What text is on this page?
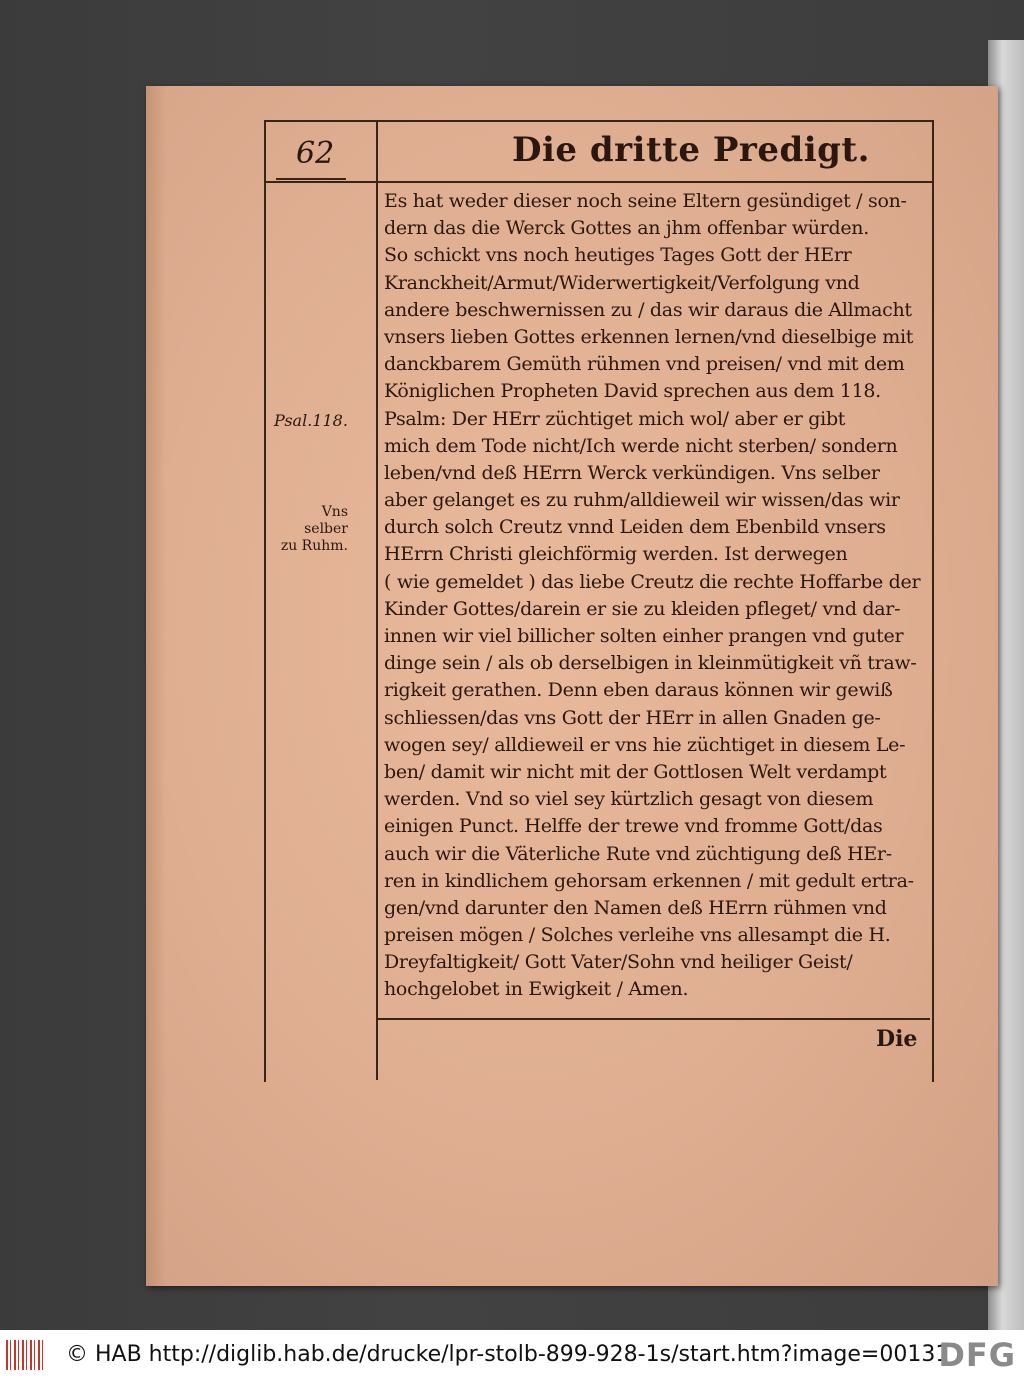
62	Die dritte Predigt.
Psal.118.
Vns selber
zu Ruhm.
Es hat weder dieser noch seine Eltern gesündiget / son-
dern das die Werck Gottes an jhm offenbar würden.
So schickt vns noch heutiges Tages Gott der HErr
Kranckheit/Armut/Widerwertigkeit/Verfolgung vnd
andere beschwernissen zu / das wir daraus die Allmacht
vnsers lieben Gottes erkennen lernen/vnd dieselbige mit
danckbarem Gemüth rühmen vnd preisen/ vnd mit dem
Königlichen Propheten David sprechen aus dem 118.
Psalm: Der HErr züchtiget mich wol/ aber er gibt
mich dem Tode nicht/Ich werde nicht sterben/ sondern
leben/vnd deß HErrn Werck verkündigen. Vns selber
aber gelanget es zu ruhm/alldieweil wir wissen/das wir
durch solch Creutz vnnd Leiden dem Ebenbild vnsers
HErrn Christi gleichförmig werden. Ist derwegen
( wie gemeldet ) das liebe Creutz die rechte Hoffarbe der
Kinder Gottes/darein er sie zu kleiden pfleget/ vnd dar-
innen wir viel billicher solten einher prangen vnd guter
dinge sein / als ob derselbigen in kleinmütigkeit vñ traw-
rigkeit gerathen. Denn eben daraus können wir gewiß
schliessen/das vns Gott der HErr in allen Gnaden ge-
wogen sey/ alldieweil er vns hie züchtiget in diesem Le-
ben/ damit wir nicht mit der Gottlosen Welt verdampt
werden. Vnd so viel sey kürtzlich gesagt von diesem
einigen Punct. Helffe der trewe vnd fromme Gott/das
auch wir die Väterliche Rute vnd züchtigung deß HEr-
ren in kindlichem gehorsam erkennen / mit gedult ertra-
gen/vnd darunter den Namen deß HErrn rühmen vnd
preisen mögen / Solches verleihe vns allesampt die H.
Dreyfaltigkeit/ Gott Vater/Sohn vnd heiliger Geist/
hochgelobet in Ewigkeit / Amen.
Die
© HAB http://diglib.hab.de/drucke/lpr-stolb-899-928-1s/start.htm?image=00131
DFG
